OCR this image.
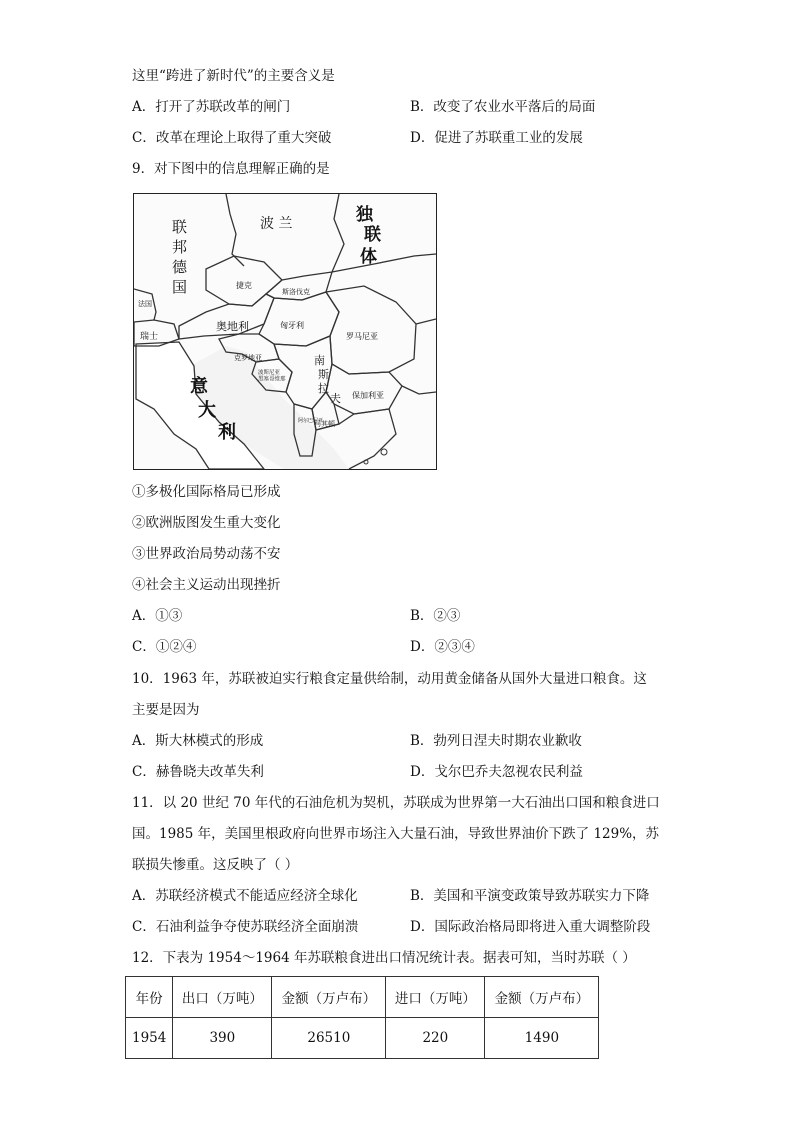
这里“跨进了新时代”的主要含义是
A．打开了苏联改革的闸门	B．改变了农业水平落后的局面
C．改革在理论上取得了重大突破	D．促进了苏联重工业的发展
9．对下图中的信息理解正确的是
联
邦
德
国
波 兰	独
联
体
捷克
斯洛伐克
奥地利	匈牙利
罗马尼亚
瑞士
法国
克罗地亚
波斯尼亚黑塞哥维那
南
斯
拉
夫 保加利亚
马其顿
阿尔巴尼亚
意
大
利
①多极化国际格局已形成
②欧洲版图发生重大变化
③世界政治局势动荡不安
④社会主义运动出现挫折
A．①③	B．②③
C．①②④	D．②③④
10．1963 年，苏联被迫实行粮食定量供给制，动用黄金储备从国外大量进口粮食。这
主要是因为
A．斯大林模式的形成	B．勃列日涅夫时期农业歉收
C．赫鲁晓夫改革失利	D．戈尔巴乔夫忽视农民利益
11．以 20 世纪 70 年代的石油危机为契机，苏联成为世界第一大石油出口国和粮食进口
国。1985 年，美国里根政府向世界市场注入大量石油，导致世界油价下跌了 129%，苏
联损失惨重。这反映了（ ）
A．苏联经济模式不能适应经济全球化	B．美国和平演变政策导致苏联实力下降
C．石油利益争夺使苏联经济全面崩溃	D．国际政治格局即将进入重大调整阶段
12．下表为 1954～1964 年苏联粮食进出口情况统计表。据表可知，当时苏联（ ）
年份	出口（万吨）	金额（万卢布）	进口（万吨）	金额（万卢布）
1954	390	26510	220	1490
